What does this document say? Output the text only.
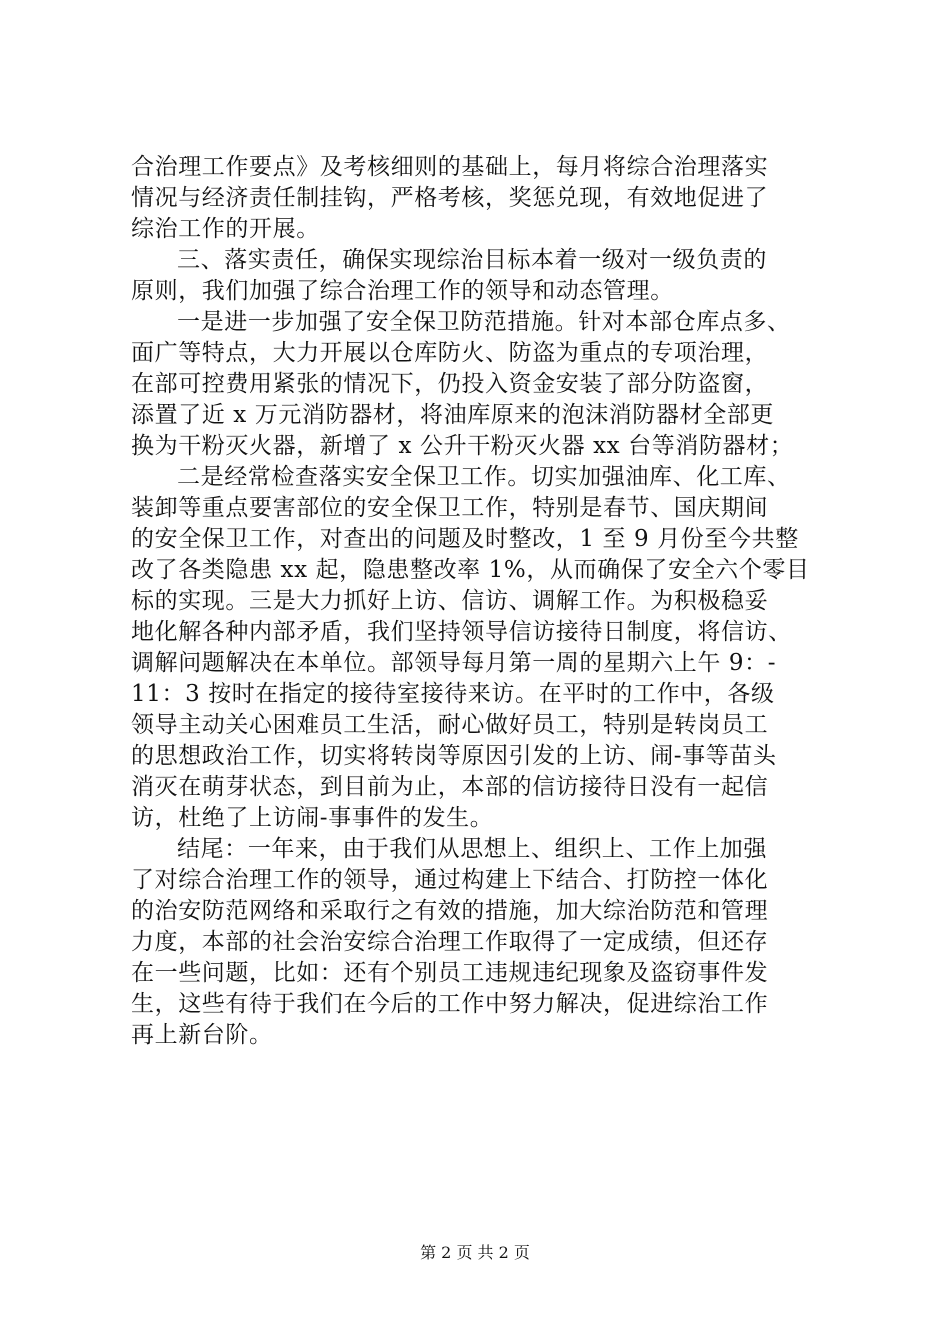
合治理工作要点》及考核细则的基础上，每月将综合治理落实
情况与经济责任制挂钩，严格考核，奖惩兑现，有效地促进了
综治工作的开展。
三、落实责任，确保实现综治目标本着一级对一级负责的
原则，我们加强了综合治理工作的领导和动态管理。
一是进一步加强了安全保卫防范措施。针对本部仓库点多、
面广等特点，大力开展以仓库防火、防盗为重点的专项治理，
在部可控费用紧张的情况下，仍投入资金安装了部分防盗窗，
添置了近 x 万元消防器材，将油库原来的泡沫消防器材全部更
换为干粉灭火器，新增了 x 公升干粉灭火器 xx 台等消防器材；
二是经常检查落实安全保卫工作。切实加强油库、化工库、
装卸等重点要害部位的安全保卫工作，特别是春节、国庆期间
的安全保卫工作，对查出的问题及时整改，1 至 9 月份至今共整
改了各类隐患 xx 起，隐患整改率 1%，从而确保了安全六个零目
标的实现。三是大力抓好上访、信访、调解工作。为积极稳妥
地化解各种内部矛盾，我们坚持领导信访接待日制度，将信访、
调解问题解决在本单位。部领导每月第一周的星期六上午 9：-
11：3 按时在指定的接待室接待来访。在平时的工作中，各级
领导主动关心困难员工生活，耐心做好员工，特别是转岗员工
的思想政治工作，切实将转岗等原因引发的上访、闹-事等苗头
消灭在萌芽状态，到目前为止，本部的信访接待日没有一起信
访，杜绝了上访闹-事事件的发生。
结尾：一年来，由于我们从思想上、组织上、工作上加强
了对综合治理工作的领导，通过构建上下结合、打防控一体化
的治安防范网络和采取行之有效的措施，加大综治防范和管理
力度，本部的社会治安综合治理工作取得了一定成绩，但还存
在一些问题，比如：还有个别员工违规违纪现象及盗窃事件发
生，这些有待于我们在今后的工作中努力解决，促进综治工作
再上新台阶。
第 2 页 共 2 页
